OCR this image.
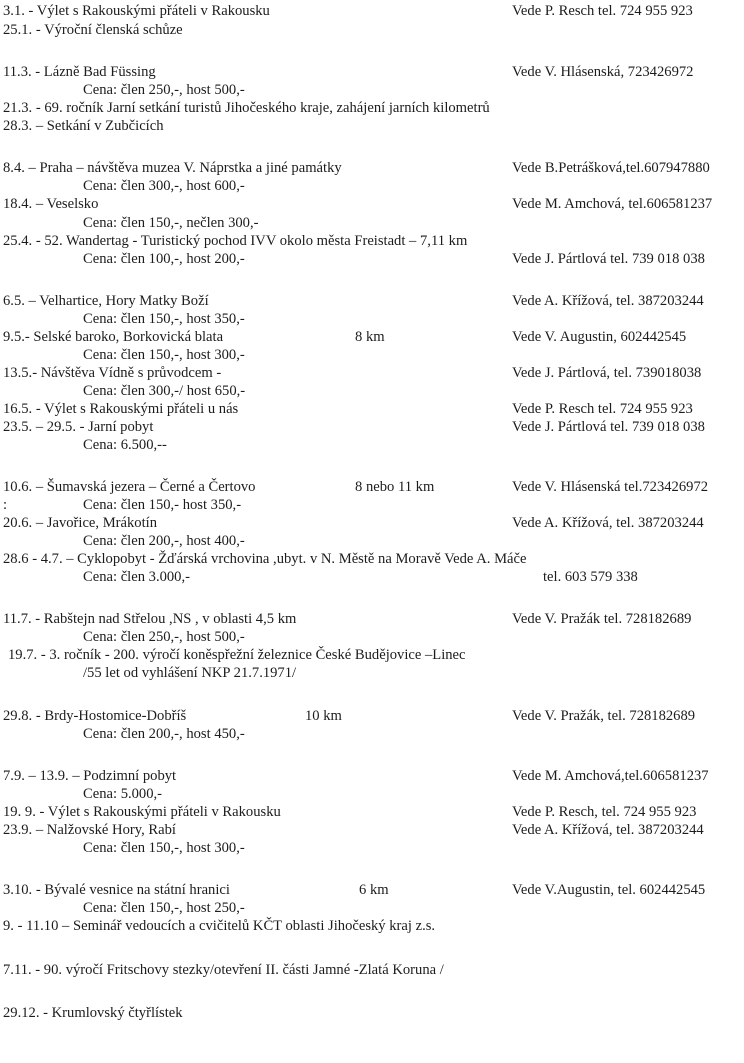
3.1. - Výlet s Rakouskými přáteli v Rakousku	Vede P. Resch tel. 724 955 923
25.1. - Výroční členská schůze
11.3. - Lázně Bad Füssing	Vede V. Hlásenská, 723426972
Cena: člen 250,-, host 500,-
21.3. - 69. ročník Jarní setkání turistů Jihočeského kraje, zahájení jarních kilometrů
28.3. – Setkání v Zubčicích
8.4. – Praha – návštěva muzea V. Náprstka a jiné památky	Vede B.Petrášková,tel.607947880
Cena: člen 300,-, host 600,-
18.4. – Veselsko	Vede M. Amchová, tel.606581237
Cena: člen 150,-, nečlen 300,-
25.4. - 52. Wandertag - Turistický pochod IVV okolo města Freistadt – 7,11 km
Cena: člen 100,-, host 200,-	Vede J. Pártlová tel. 739 018 038
6.5. – Velhartice, Hory Matky Boží	Vede A. Křížová, tel. 387203244
Cena: člen 150,-, host 350,-
9.5.- Selské baroko, Borkovická blata	8 km	Vede V. Augustin, 602442545
Cena: člen 150,-, host 300,-
13.5.- Návštěva Vídně s průvodcem -	Vede J. Pártlová, tel. 739018038
Cena: člen 300,-/ host 650,-
16.5. - Výlet s Rakouskými přáteli u nás	Vede P. Resch tel. 724 955 923
23.5. – 29.5. - Jarní pobyt	Vede J. Pártlová tel. 739 018 038
Cena: 6.500,--
10.6. – Šumavská jezera – Černé a Čertovo	8 nebo 11 km	Vede V. Hlásenská tel.723426972
:	Cena: člen 150,- host 350,-
20.6. – Javořice, Mrákotín	Vede A. Křížová, tel. 387203244
Cena: člen 200,-, host 400,-
28.6 - 4.7. – Cyklopobyt - Žďárská vrchovina ,ubyt. v N. Městě na Moravě Vede A. Máče
Cena: člen 3.000,-	tel. 603 579 338
11.7. - Rabštejn nad Střelou ,NS , v oblasti 4,5 km	Vede V. Pražák tel. 728182689
Cena: člen 250,-, host 500,-
19.7. - 3. ročník - 200. výročí koněspřežní železnice České Budějovice –Linec
/55 let od vyhlášení NKP 21.7.1971/
29.8. - Brdy-Hostomice-Dobříš	10 km	Vede V. Pražák, tel. 728182689
Cena: člen 200,-, host 450,-
7.9. – 13.9. – Podzimní pobyt	Vede M. Amchová,tel.606581237
Cena: 5.000,-
19. 9. - Výlet s Rakouskými přáteli v Rakousku	Vede P. Resch, tel. 724 955 923
23.9. – Nalžovské Hory, Rabí	Vede A. Křížová, tel. 387203244
Cena: člen 150,-, host 300,-
3.10. - Bývalé vesnice na státní hranici	6 km	Vede V.Augustin, tel. 602442545
Cena: člen 150,-, host 250,-
9. - 11.10 – Seminář vedoucích a cvičitelů KČT oblasti Jihočeský kraj z.s.
7.11. - 90. výročí Fritschovy stezky/otevření II. části Jamné -Zlatá Koruna /
29.12. - Krumlovský čtyřlístek
